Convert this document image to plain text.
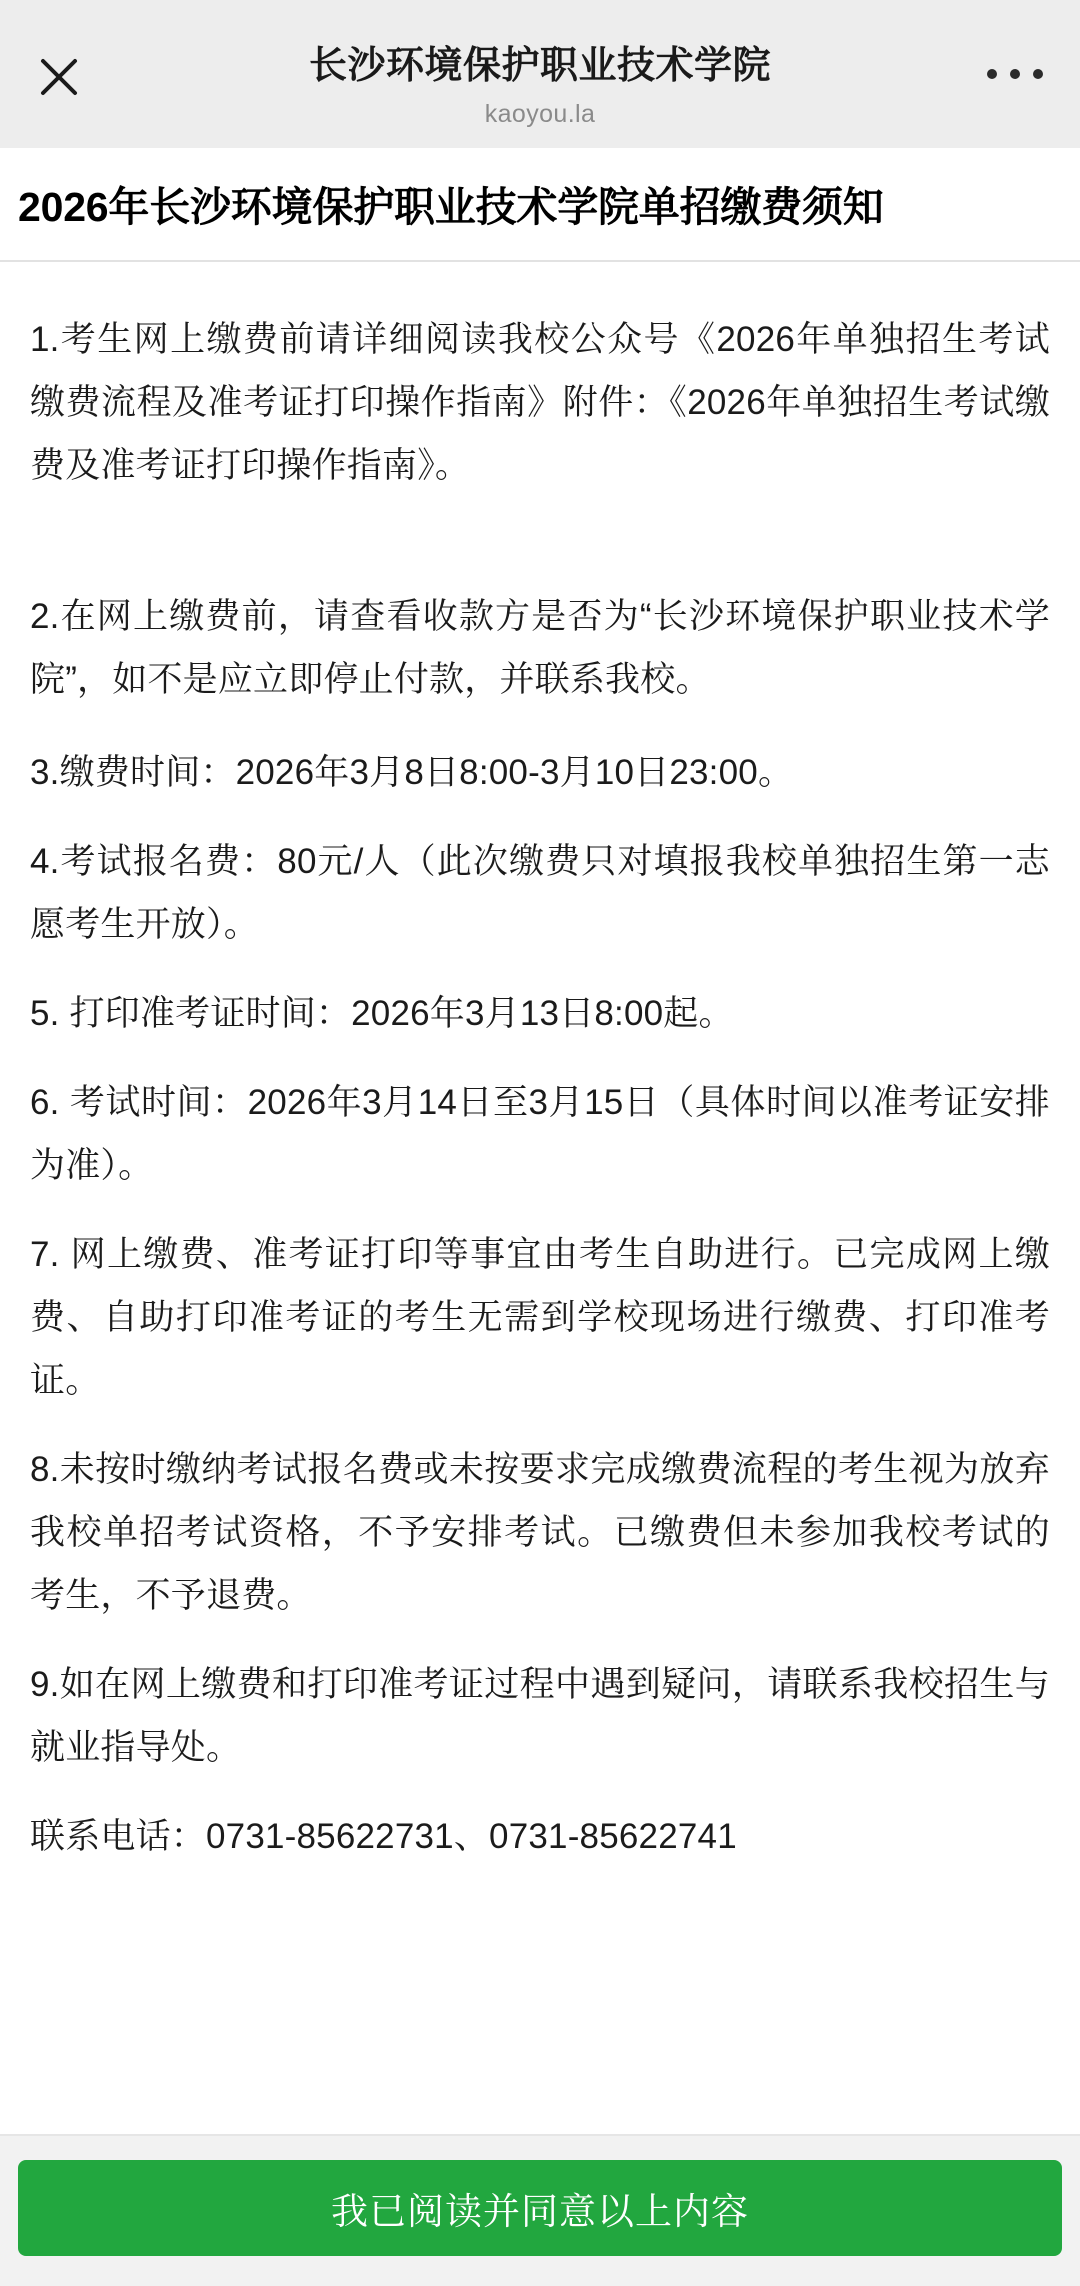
长沙环境保护职业技术学院
kaoyou.la
2026年长沙环境保护职业技术学院单招缴费须知

1.考生网上缴费前请详细阅读我校公众号《2026年单独招生考试缴费流程及准考证打印操作指南》附件：《2026年单独招生考试缴费及准考证打印操作指南》。

2.在网上缴费前，请查看收款方是否为“长沙环境保护职业技术学院”，如不是应立即停止付款，并联系我校。

3.缴费时间：2026年3月8日8:00-3月10日23:00。

4.考试报名费：80元/人（此次缴费只对填报我校单独招生第一志愿考生开放）。

5. 打印准考证时间：2026年3月13日8:00起。

6. 考试时间：2026年3月14日至3月15日（具体时间以准考证安排为准）。

7. 网上缴费、准考证打印等事宜由考生自助进行。已完成网上缴费、自助打印准考证的考生无需到学校现场进行缴费、打印准考证。

8.未按时缴纳考试报名费或未按要求完成缴费流程的考生视为放弃我校单招考试资格，不予安排考试。已缴费但未参加我校考试的考生，不予退费。

9.如在网上缴费和打印准考证过程中遇到疑问，请联系我校招生与就业指导处。

联系电话：0731-85622731、0731-85622741

我已阅读并同意以上内容
